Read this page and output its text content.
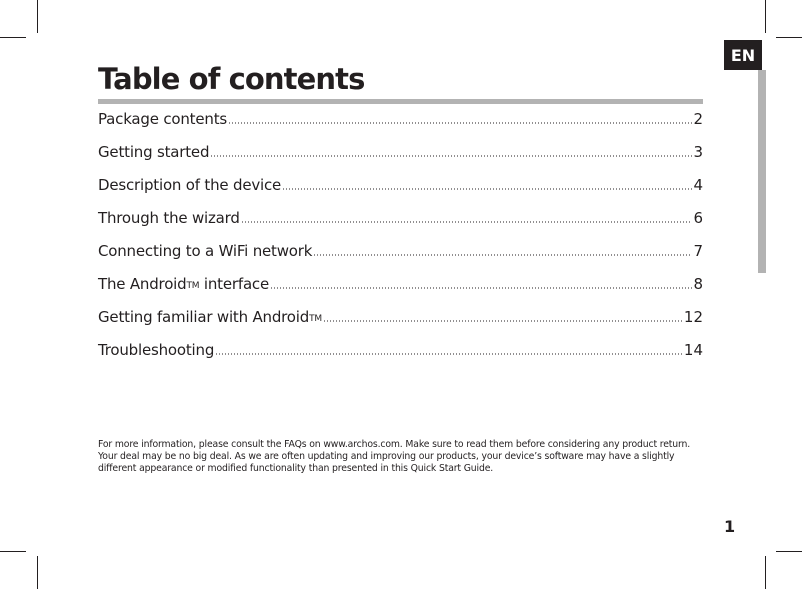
EN
Table of contents
Package contents	2
Getting started	3
Description of the device	4
Through the wizard	6
Connecting to a WiFi network	7
The AndroidTM interface	8
Getting familiar with AndroidTM	12
Troubleshooting	14
For more information, please consult the FAQs on www.archos.com. Make sure to read them before considering any product return. Your deal may be no big deal. As we are often updating and improving our products, your device’s software may have a slightly different appearance or modified functionality than presented in this Quick Start Guide.
1
